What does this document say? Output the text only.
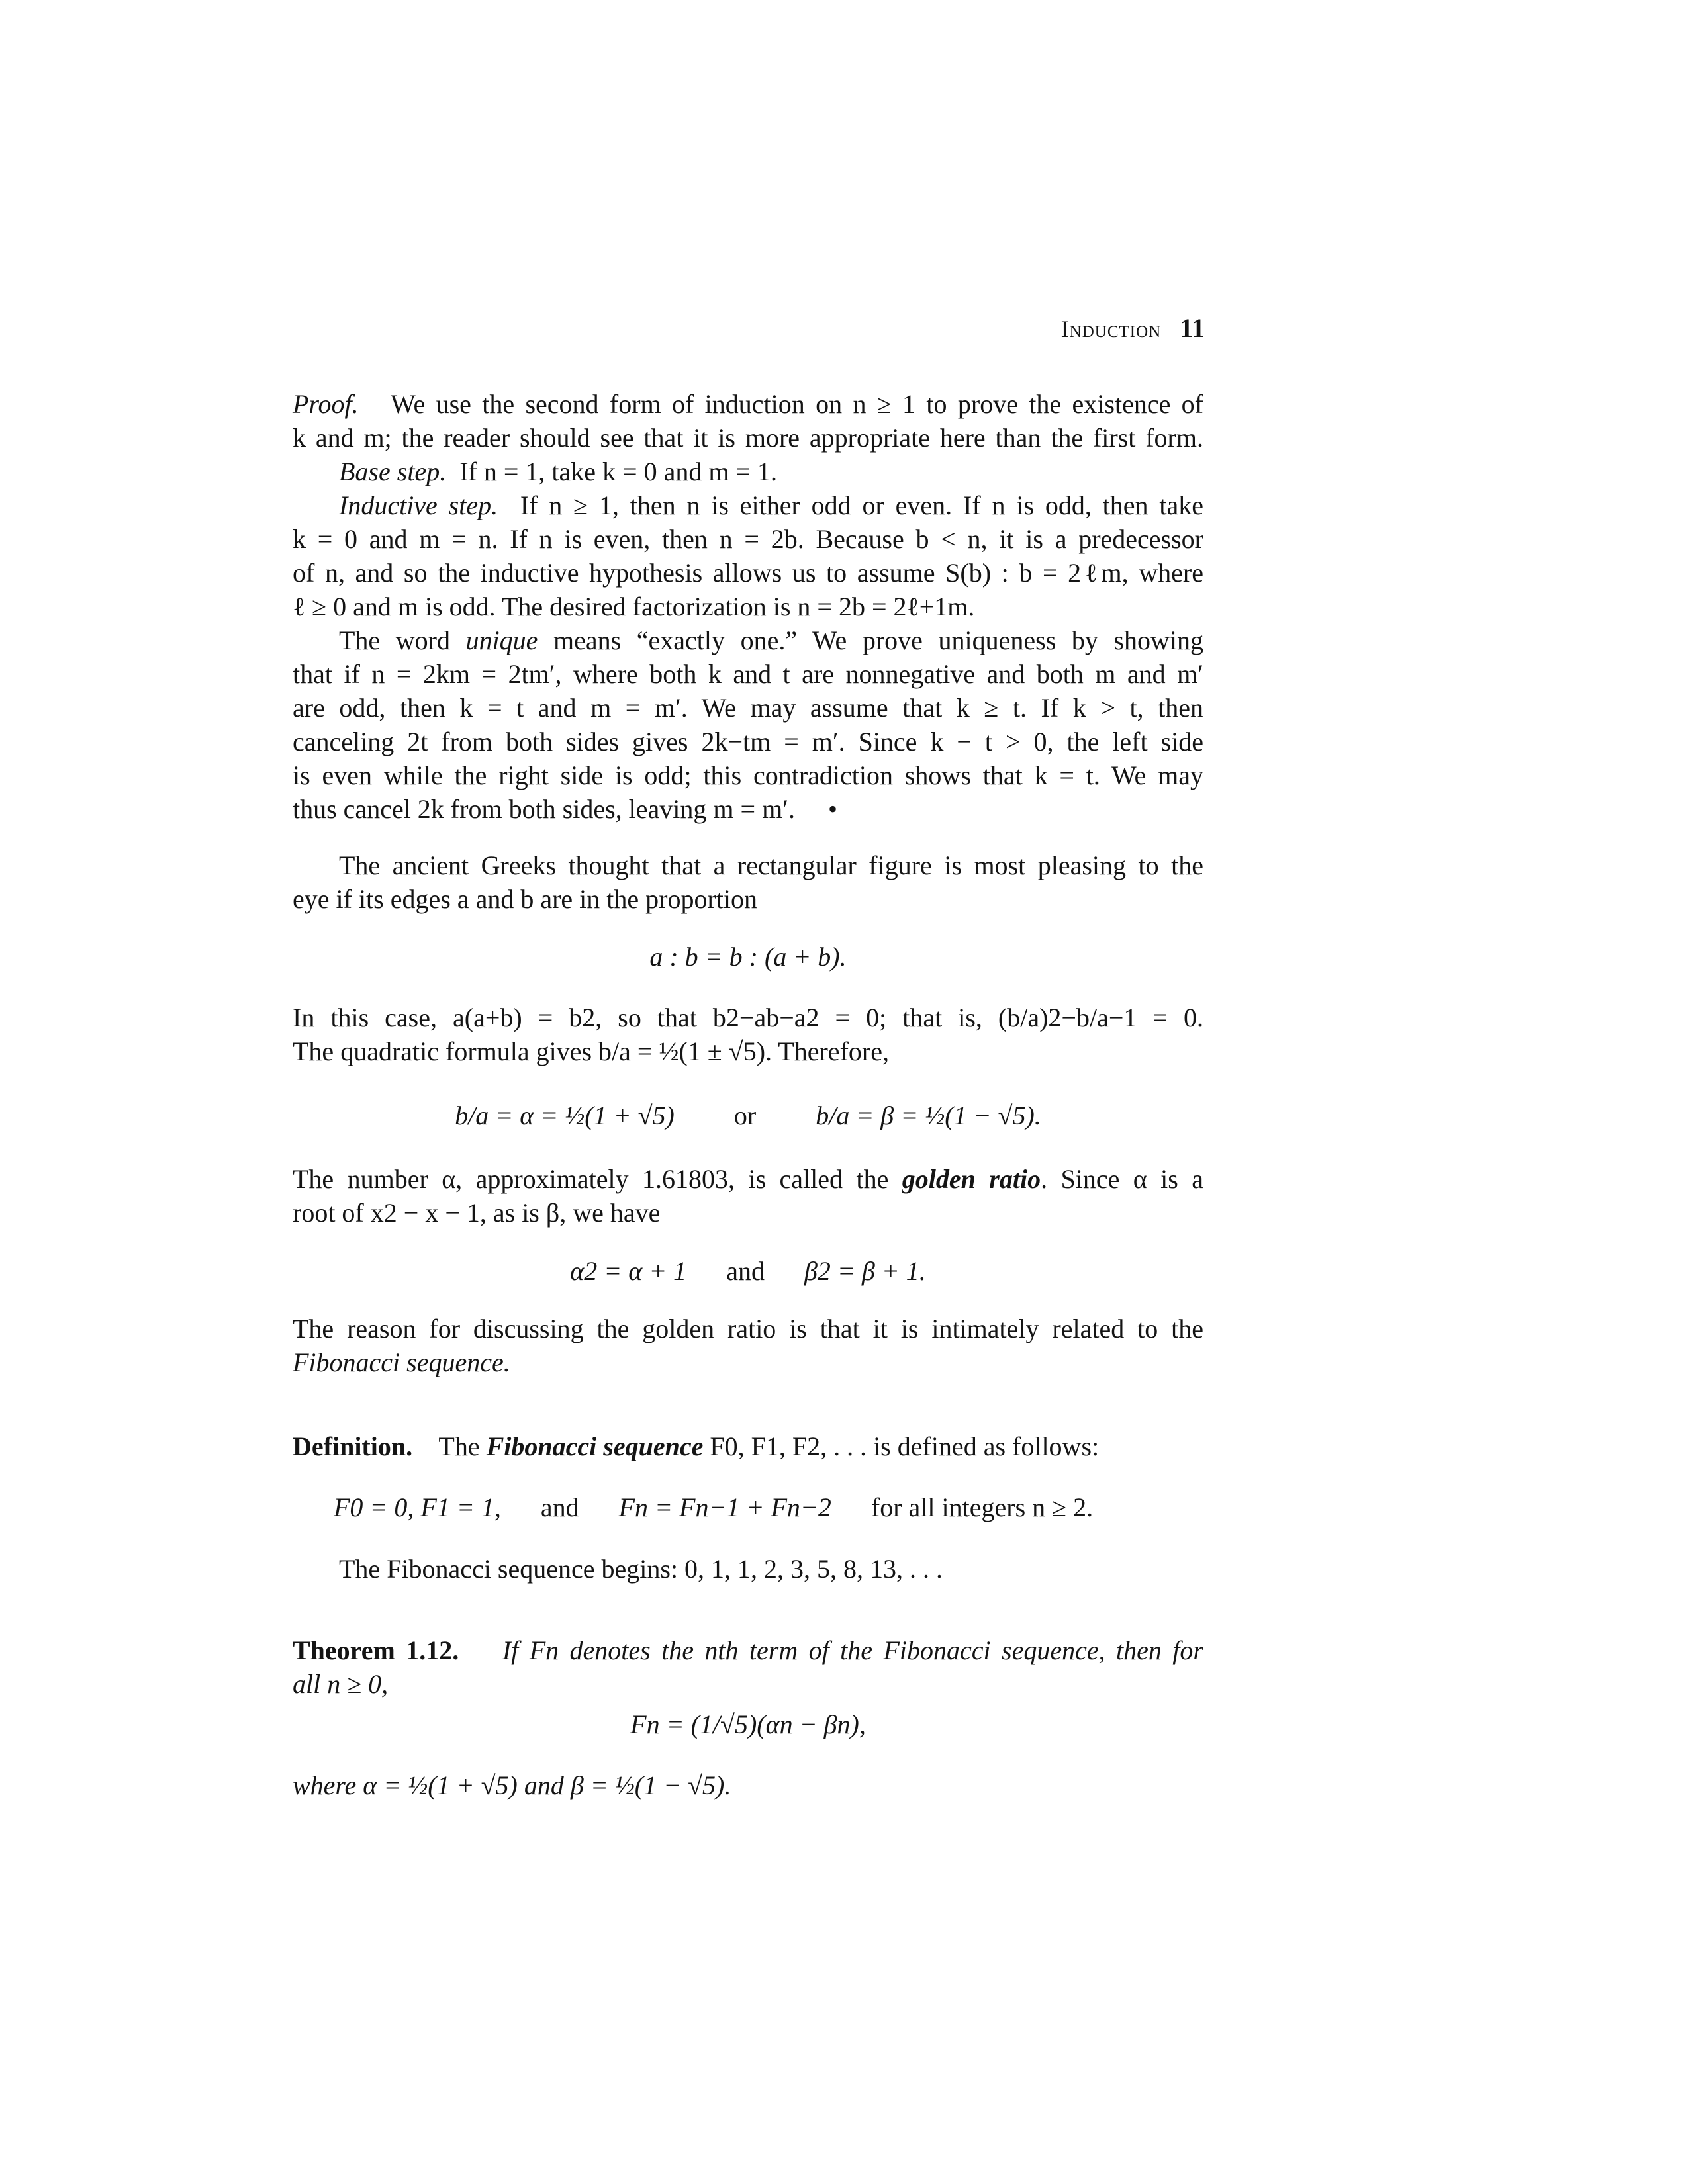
Induction 11
Proof. We use the second form of induction on n ≥ 1 to prove the existence of
k and m; the reader should see that it is more appropriate here than the first form.
Base step. If n = 1, take k = 0 and m = 1.
Inductive step. If n ≥ 1, then n is either odd or even. If n is odd, then take
k = 0 and m = n. If n is even, then n = 2b. Because b < n, it is a predecessor
of n, and so the inductive hypothesis allows us to assume S(b) : b = 2ℓm, where
ℓ ≥ 0 and m is odd. The desired factorization is n = 2b = 2ℓ+1m.
The word unique means “exactly one.” We prove uniqueness by showing
that if n = 2km = 2tm′, where both k and t are nonnegative and both m and m′
are odd, then k = t and m = m′. We may assume that k ≥ t. If k > t, then
canceling 2t from both sides gives 2k−tm = m′. Since k − t > 0, the left side
is even while the right side is odd; this contradiction shows that k = t. We may
thus cancel 2k from both sides, leaving m = m′. •
The ancient Greeks thought that a rectangular figure is most pleasing to the
eye if its edges a and b are in the proportion
a : b = b : (a + b).
In this case, a(a+b) = b2, so that b2−ab−a2 = 0; that is, (b/a)2−b/a−1 = 0.
The quadratic formula gives b/a = ½(1 ± √5). Therefore,
b/a = α = ½(1 + √5) or b/a = β = ½(1 − √5).
The number α, approximately 1.61803, is called the golden ratio. Since α is a
root of x2 − x − 1, as is β, we have
α2 = α + 1 and β2 = β + 1.
The reason for discussing the golden ratio is that it is intimately related to the
Fibonacci sequence.
Definition. The Fibonacci sequence F0, F1, F2, . . . is defined as follows:
F0 = 0, F1 = 1, and Fn = Fn−1 + Fn−2 for all integers n ≥ 2.
The Fibonacci sequence begins: 0, 1, 1, 2, 3, 5, 8, 13, . . .
Theorem 1.12. If Fn denotes the nth term of the Fibonacci sequence, then for
all n ≥ 0,
Fn = (1/√5)(αn − βn),
where α = ½(1 + √5) and β = ½(1 − √5).
